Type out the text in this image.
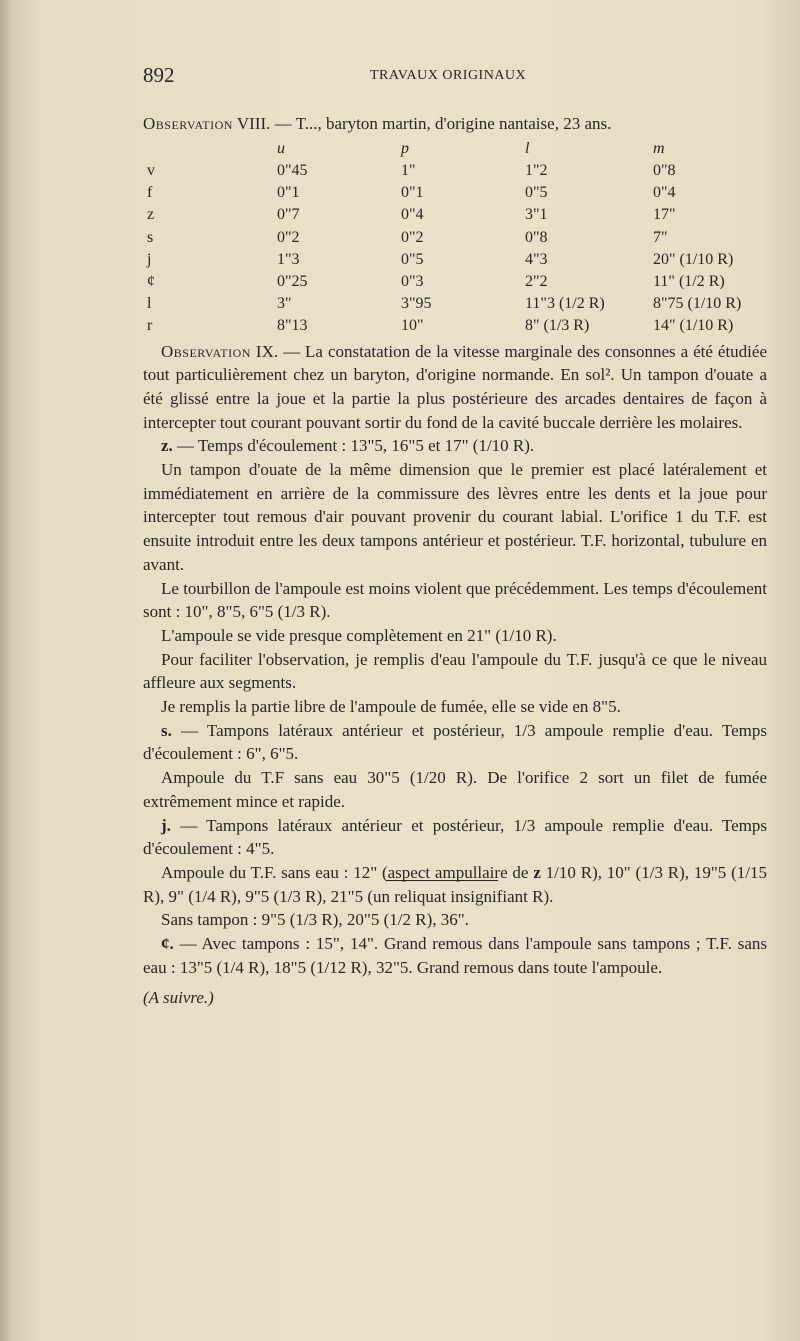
892	TRAVAUX ORIGINAUX

Observation VIII. — T..., baryton martin, d'origine nantaise, 23 ans.

	u	p	l	m
v	0"45	1"	1"2	0"8
f	0"1	0"1	0"5	0"4
z	0"7	0"4	3"1	17"
s	0"2	0"2	0"8	7"
j	1"3	0"5	4"3	20" (1/10 R)
ȼ	0"25	0"3	2"2	11" (1/2 R)
l	3"	3"95	11"3 (1/2 R)	8"75 (1/10 R)
r	8"13	10"	8" (1/3 R)	14" (1/10 R)

Observation IX. — La constatation de la vitesse marginale des consonnes a été étudiée tout particulièrement chez un baryton, d'origine normande. En sol². Un tampon d'ouate a été glissé entre la joue et la partie la plus postérieure des arcades dentaires de façon à intercepter tout courant pouvant sortir du fond de la cavité buccale derrière les molaires.

z. — Temps d'écoulement : 13"5, 16"5 et 17" (1/10 R).

Un tampon d'ouate de la même dimension que le premier est placé latéralement et immédiatement en arrière de la commissure des lèvres entre les dents et la joue pour intercepter tout remous d'air pouvant provenir du courant labial. L'orifice 1 du T.F. est ensuite introduit entre les deux tampons antérieur et postérieur. T.F. horizontal, tubulure en avant.

Le tourbillon de l'ampoule est moins violent que précédemment. Les temps d'écoulement sont : 10", 8"5, 6"5 (1/3 R).

L'ampoule se vide presque complètement en 21" (1/10 R).

Pour faciliter l'observation, je remplis d'eau l'ampoule du T.F. jusqu'à ce que le niveau affleure aux segments.

Je remplis la partie libre de l'ampoule de fumée, elle se vide en 8"5.

s. — Tampons latéraux antérieur et postérieur, 1/3 ampoule remplie d'eau. Temps d'écoulement : 6", 6"5.

Ampoule du T.F sans eau 30"5 (1/20 R). De l'orifice 2 sort un filet de fumée extrêmement mince et rapide.

j. — Tampons latéraux antérieur et postérieur, 1/3 ampoule remplie d'eau. Temps d'écoulement : 4"5.

Ampoule du T.F. sans eau : 12" (aspect ampullaire de z 1/10 R), 10" (1/3 R), 19"5 (1/15 R), 9" (1/4 R), 9"5 (1/3 R), 21"5 (un reliquat insignifiant R).

Sans tampon : 9"5 (1/3 R), 20"5 (1/2 R), 36".

ȼ. — Avec tampons : 15", 14". Grand remous dans l'ampoule sans tampons ; T.F. sans eau : 13"5 (1/4 R), 18"5 (1/12 R), 32"5. Grand remous dans toute l'ampoule.

(A suivre.)
